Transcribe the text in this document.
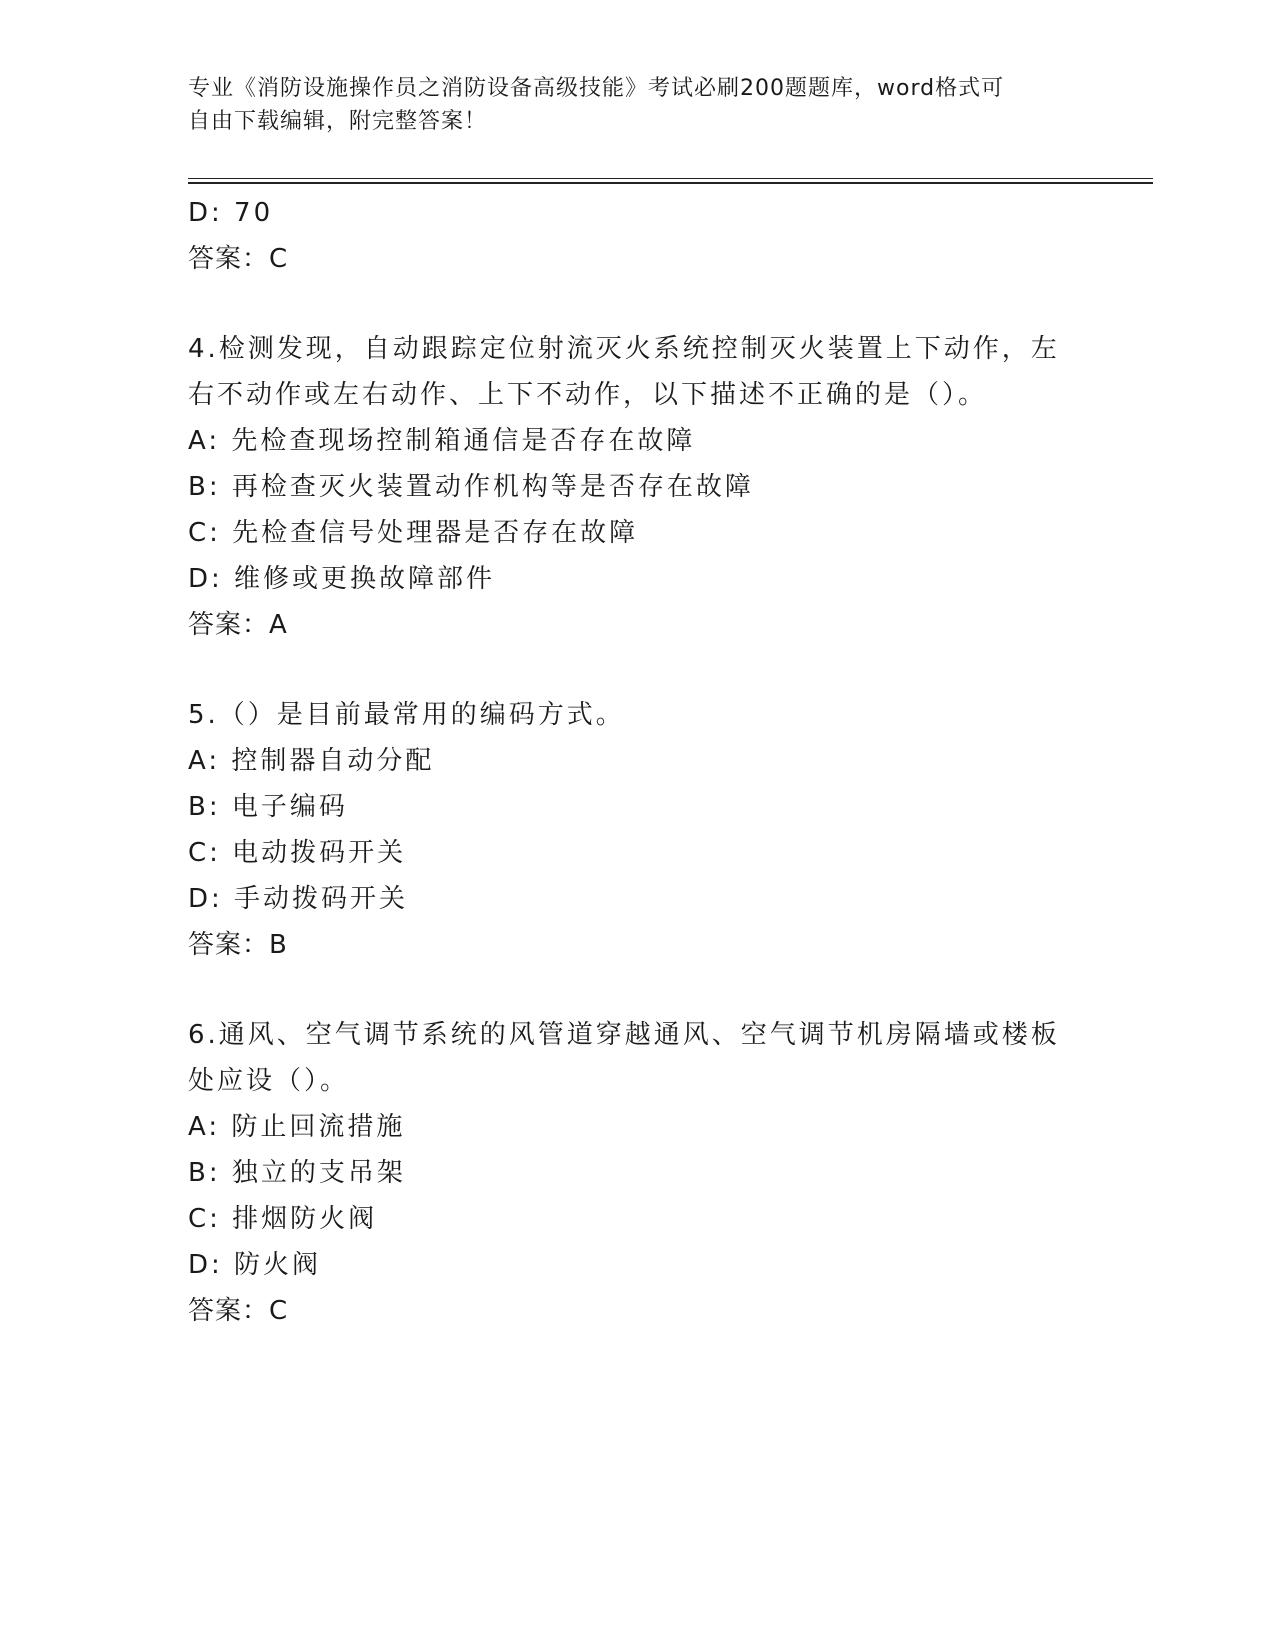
专业《消防设施操作员之消防设备高级技能》考试必刷200题题库，word格式可
自由下载编辑，附完整答案！
D: 70
答案：C
4.检测发现，自动跟踪定位射流灭火系统控制灭火装置上下动作，左
右不动作或左右动作、上下不动作，以下描述不正确的是（）。
A: 先检查现场控制箱通信是否存在故障
B: 再检查灭火装置动作机构等是否存在故障
C: 先检查信号处理器是否存在故障
D: 维修或更换故障部件
答案：A
5.（）是目前最常用的编码方式。
A: 控制器自动分配
B: 电子编码
C: 电动拨码开关
D: 手动拨码开关
答案：B
6.通风、空气调节系统的风管道穿越通风、空气调节机房隔墙或楼板
处应设（）。
A: 防止回流措施
B: 独立的支吊架
C: 排烟防火阀
D: 防火阀
答案：C
